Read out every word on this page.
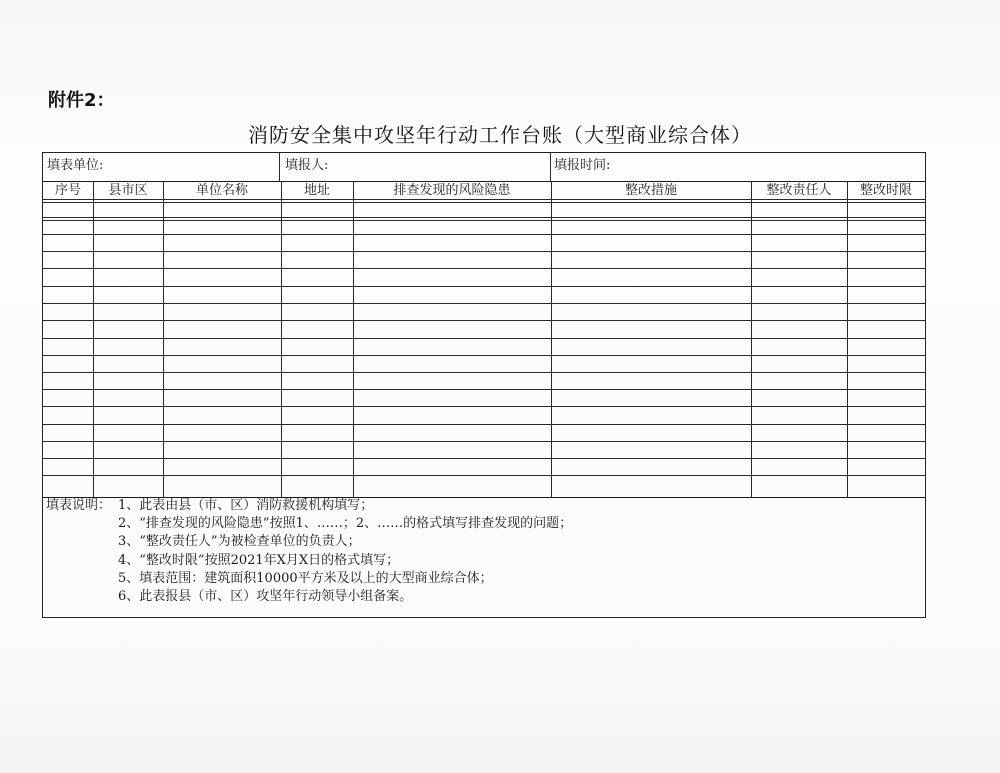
附件2：
消防安全集中攻坚年行动工作台账（大型商业综合体）
填表单位:	填报人:	填报时间:
序号	县市区	单位名称	地址	排查发现的风险隐患	整改措施	整改责任人	整改时限
填表说明： 1、此表由县（市、区）消防救援机构填写；
2、“排查发现的风险隐患”按照1、……；2、……的格式填写排查发现的问题；
3、“整改责任人”为被检查单位的负责人；
4、“整改时限”按照2021年X月X日的格式填写；
5、填表范围：建筑面积10000平方米及以上的大型商业综合体；
6、此表报县（市、区）攻坚年行动领导小组备案。
